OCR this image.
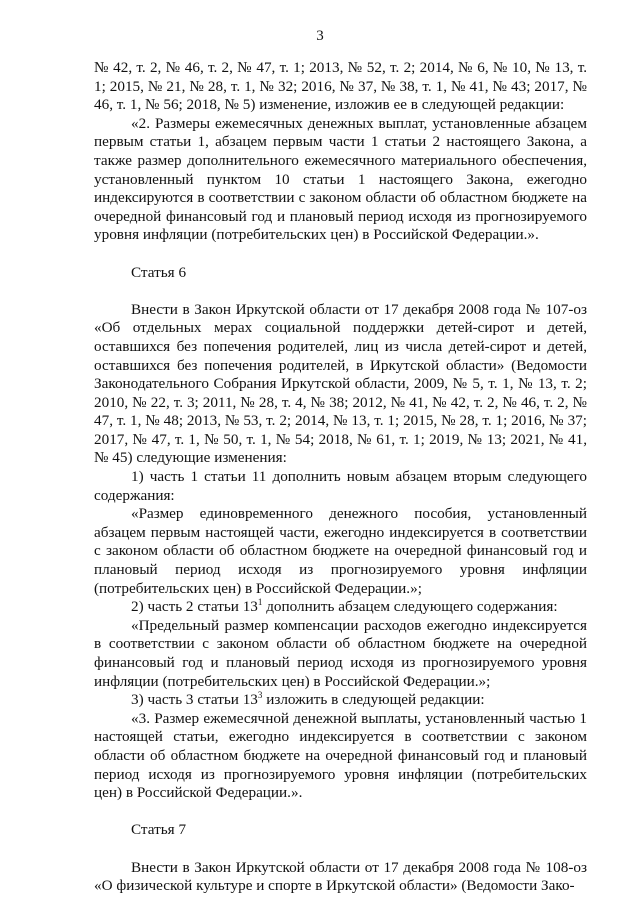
3

№ 42, т. 2, № 46, т. 2, № 47, т. 1; 2013, № 52, т. 2; 2014, № 6, № 10, № 13, т. 1; 2015, № 21, № 28, т. 1, № 32; 2016, № 37, № 38, т. 1, № 41, № 43; 2017, № 46, т. 1, № 56; 2018, № 5) изменение, изложив ее в следующей редакции:

«2. Размеры ежемесячных денежных выплат, установленные абзацем первым статьи 1, абзацем первым части 1 статьи 2 настоящего Закона, а также размер дополнительного ежемесячного материального обеспечения, установленный пунктом 10 статьи 1 настоящего Закона, ежегодно индексируются в соответствии с законом области об областном бюджете на очередной финансовый год и плановый период исходя из прогнозируемого уровня инфляции (потребительских цен) в Российской Федерации.».

Статья 6

Внести в Закон Иркутской области от 17 декабря 2008 года № 107-оз «Об отдельных мерах социальной поддержки детей-сирот и детей, оставшихся без попечения родителей, лиц из числа детей-сирот и детей, оставшихся без попечения родителей, в Иркутской области» (Ведомости Законодательного Собрания Иркутской области, 2009, № 5, т. 1, № 13, т. 2; 2010, № 22, т. 3; 2011, № 28, т. 4, № 38; 2012, № 41, № 42, т. 2, № 46, т. 2, № 47, т. 1, № 48; 2013, № 53, т. 2; 2014, № 13, т. 1; 2015, № 28, т. 1; 2016, № 37; 2017, № 47, т. 1, № 50, т. 1, № 54; 2018, № 61, т. 1; 2019, № 13; 2021, № 41, № 45) следующие изменения:

1) часть 1 статьи 11 дополнить новым абзацем вторым следующего содержания:

«Размер единовременного денежного пособия, установленный абзацем первым настоящей части, ежегодно индексируется в соответствии с законом области об областном бюджете на очередной финансовый год и плановый период исходя из прогнозируемого уровня инфляции (потребительских цен) в Российской Федерации.»;

2) часть 2 статьи $13^1$ дополнить абзацем следующего содержания:

«Предельный размер компенсации расходов ежегодно индексируется в соответствии с законом области об областном бюджете на очередной финансовый год и плановый период исходя из прогнозируемого уровня инфляции (потребительских цен) в Российской Федерации.»;

3) часть 3 статьи $13^3$ изложить в следующей редакции:

«3. Размер ежемесячной денежной выплаты, установленный частью 1 настоящей статьи, ежегодно индексируется в соответствии с законом области об областном бюджете на очередной финансовый год и плановый период исходя из прогнозируемого уровня инфляции (потребительских цен) в Российской Федерации.».

Статья 7

Внести в Закон Иркутской области от 17 декабря 2008 года № 108-оз «О физической культуре и спорте в Иркутской области» (Ведомости Зако-
